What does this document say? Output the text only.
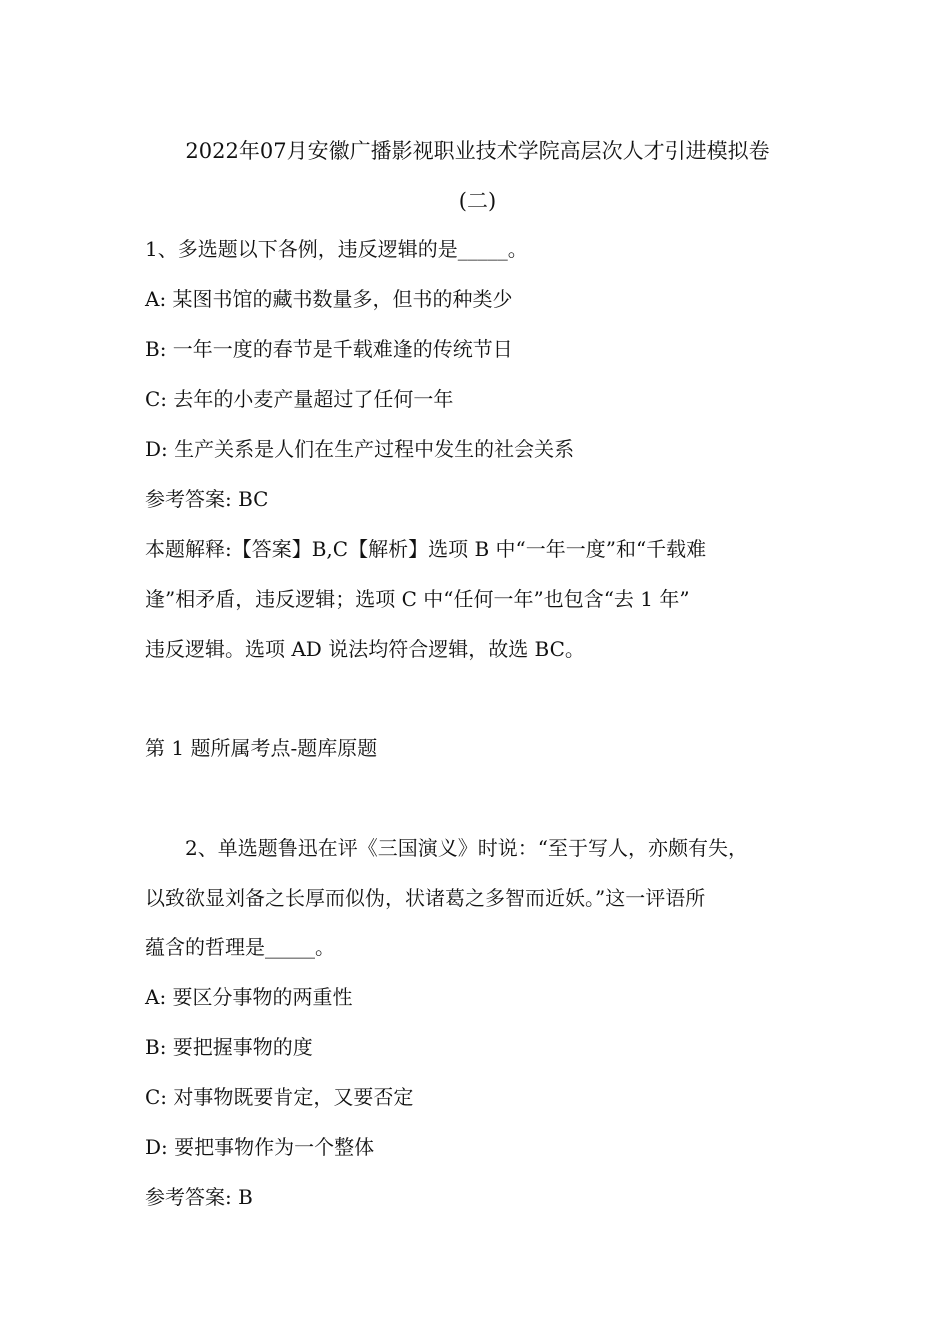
2022年07月安徽广播影视职业技术学院高层次人才引进模拟卷
(二)
1、多选题以下各例，违反逻辑的是_____。
A: 某图书馆的藏书数量多，但书的种类少
B: 一年一度的春节是千载难逢的传统节日
C: 去年的小麦产量超过了任何一年
D: 生产关系是人们在生产过程中发生的社会关系
参考答案: BC
本题解释:【答案】B,C【解析】选项 B 中“一年一度”和“千载难
逢”相矛盾，违反逻辑；选项 C 中“任何一年”也包含“去 1 年”
违反逻辑。选项 AD 说法均符合逻辑，故选 BC。
第 1 题所属考点-题库原题
2、单选题鲁迅在评《三国演义》时说：“至于写人，亦颇有失，
以致欲显刘备之长厚而似伪，状诸葛之多智而近妖。”这一评语所
蕴含的哲理是_____。
A: 要区分事物的两重性
B: 要把握事物的度
C: 对事物既要肯定，又要否定
D: 要把事物作为一个整体
参考答案: B
